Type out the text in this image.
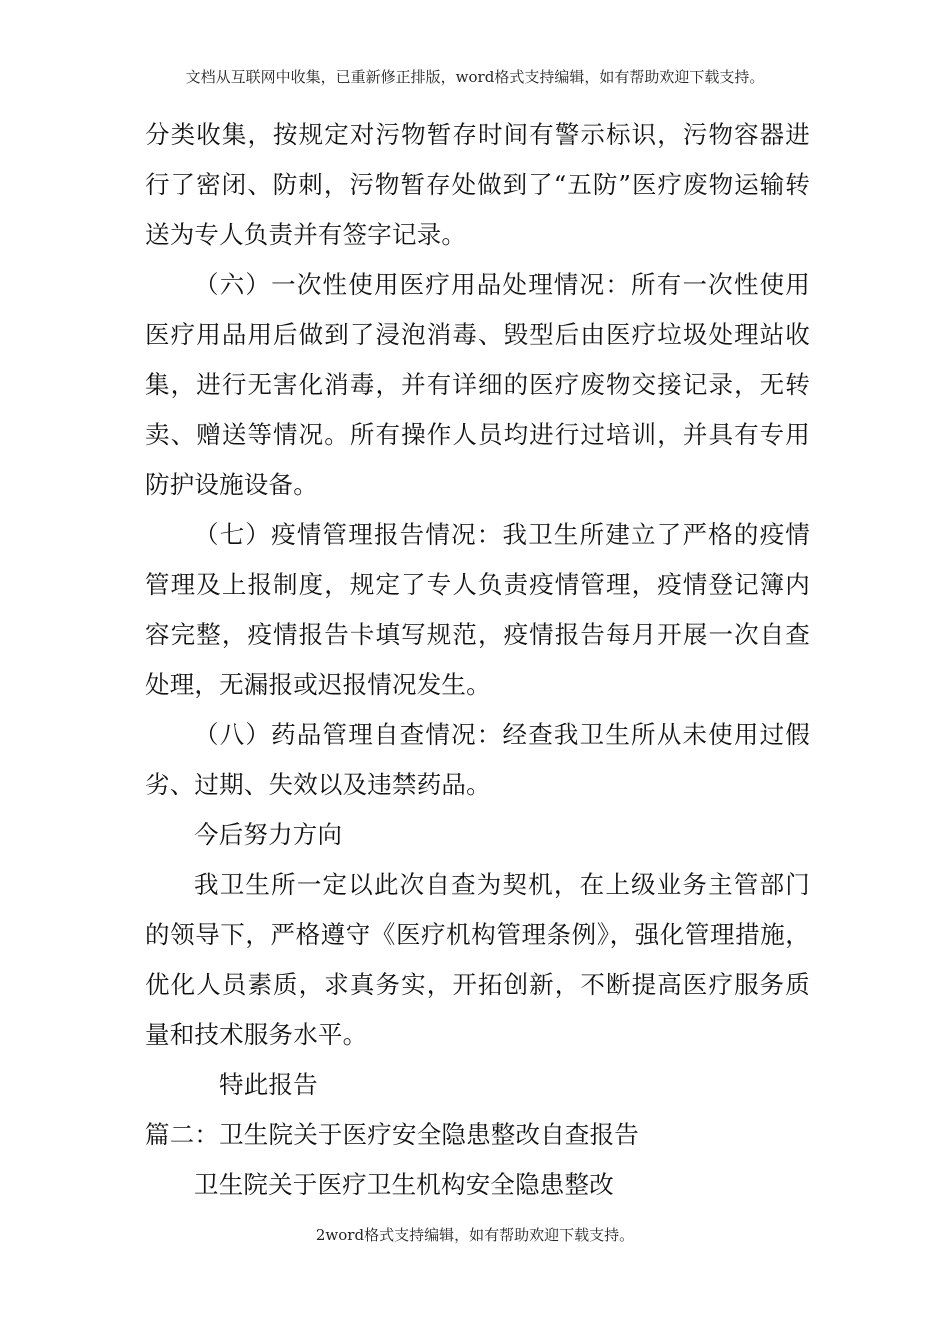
文档从互联网中收集，已重新修正排版，word格式支持编辑，如有帮助欢迎下载支持。

分类收集，按规定对污物暂存时间有警示标识，污物容器进行了密闭、防刺，污物暂存处做到了“五防”医疗废物运输转送为专人负责并有签字记录。

（六）一次性使用医疗用品处理情况：所有一次性使用医疗用品用后做到了浸泡消毒、毁型后由医疗垃圾处理站收集，进行无害化消毒，并有详细的医疗废物交接记录，无转卖、赠送等情况。所有操作人员均进行过培训，并具有专用防护设施设备。

（七）疫情管理报告情况：我卫生所建立了严格的疫情管理及上报制度，规定了专人负责疫情管理，疫情登记簿内容完整，疫情报告卡填写规范，疫情报告每月开展一次自查处理，无漏报或迟报情况发生。

（八）药品管理自查情况：经查我卫生所从未使用过假劣、过期、失效以及违禁药品。

今后努力方向

我卫生所一定以此次自查为契机，在上级业务主管部门的领导下，严格遵守《医疗机构管理条例》，强化管理措施，优化人员素质，求真务实，开拓创新，不断提高医疗服务质量和技术服务水平。

特此报告

篇二：卫生院关于医疗安全隐患整改自查报告

卫生院关于医疗卫生机构安全隐患整改

2word格式支持编辑，如有帮助欢迎下载支持。
